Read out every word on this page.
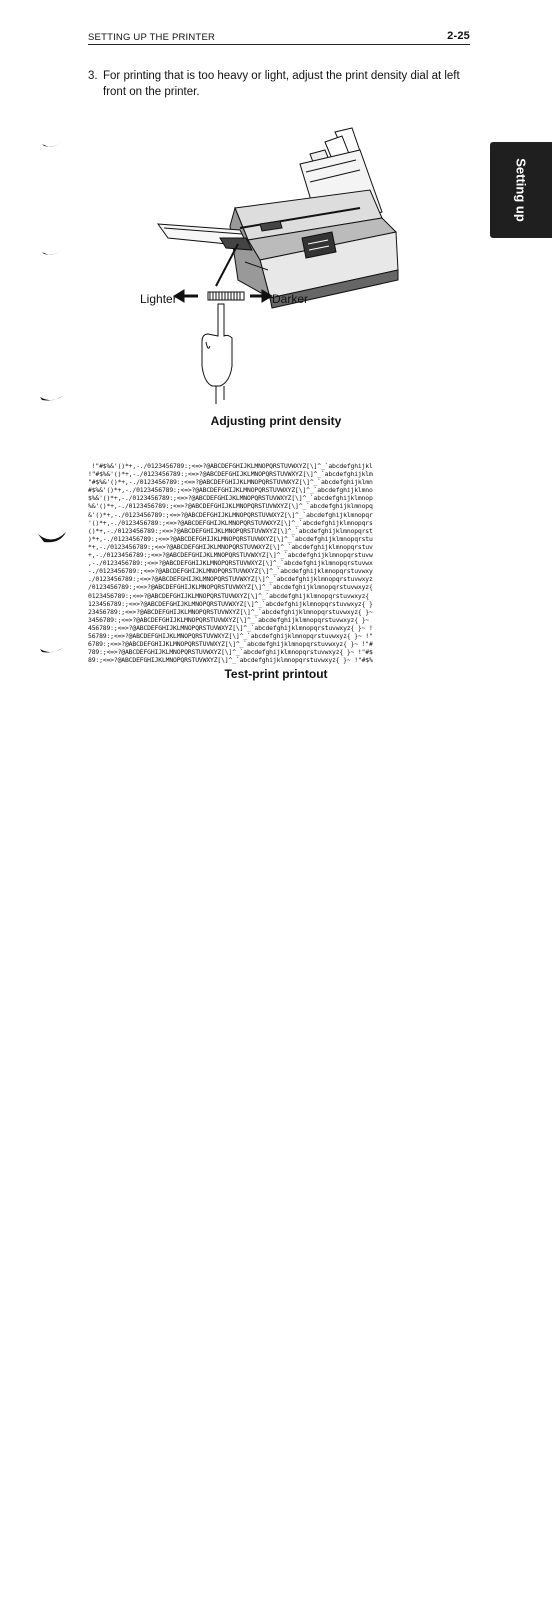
SETTING UP THE PRINTER	2-25
3. For printing that is too heavy or light, adjust the print density dial at left front on the printer.
Setting up
Lighter	Darker
Adjusting print density
!"#$%&'()*+,-./0123456789:;<=>?@ABCDEFGHIJKLMNOPQRSTUVWXYZ[\]^_`abcdefghijkl
!"#$%&'()*+,-./0123456789:;<=>?@ABCDEFGHIJKLMNOPQRSTUVWXYZ[\]^_`abcdefghijklm
"#$%&'()*+,-./0123456789:;<=>?@ABCDEFGHIJKLMNOPQRSTUVWXYZ[\]^_`abcdefghijklmn
#$%&'()*+,-./0123456789:;<=>?@ABCDEFGHIJKLMNOPQRSTUVWXYZ[\]^_`abcdefghijklmno
$%&'()*+,-./0123456789:;<=>?@ABCDEFGHIJKLMNOPQRSTUVWXYZ[\]^_`abcdefghijklmnop
%&'()*+,-./0123456789:;<=>?@ABCDEFGHIJKLMNOPQRSTUVWXYZ[\]^_`abcdefghijklmnopq
&'()*+,-./0123456789:;<=>?@ABCDEFGHIJKLMNOPQRSTUVWXYZ[\]^_`abcdefghijklmnopqr
'()*+,-./0123456789:;<=>?@ABCDEFGHIJKLMNOPQRSTUVWXYZ[\]^_`abcdefghijklmnopqrs
()*+,-./0123456789:;<=>?@ABCDEFGHIJKLMNOPQRSTUVWXYZ[\]^_`abcdefghijklmnopqrst
)*+,-./0123456789:;<=>?@ABCDEFGHIJKLMNOPQRSTUVWXYZ[\]^_`abcdefghijklmnopqrstu
*+,-./0123456789:;<=>?@ABCDEFGHIJKLMNOPQRSTUVWXYZ[\]^_`abcdefghijklmnopqrstuv
+,-./0123456789:;<=>?@ABCDEFGHIJKLMNOPQRSTUVWXYZ[\]^_`abcdefghijklmnopqrstuvw
,-./0123456789:;<=>?@ABCDEFGHIJKLMNOPQRSTUVWXYZ[\]^_`abcdefghijklmnopqrstuvwx
-./0123456789:;<=>?@ABCDEFGHIJKLMNOPQRSTUVWXYZ[\]^_`abcdefghijklmnopqrstuvwxy
./0123456789:;<=>?@ABCDEFGHIJKLMNOPQRSTUVWXYZ[\]^_`abcdefghijklmnopqrstuvwxyz
/0123456789:;<=>?@ABCDEFGHIJKLMNOPQRSTUVWXYZ[\]^_`abcdefghijklmnopqrstuvwxyz{
0123456789:;<=>?@ABCDEFGHIJKLMNOPQRSTUVWXYZ[\]^_`abcdefghijklmnopqrstuvwxyz{
123456789:;<=>?@ABCDEFGHIJKLMNOPQRSTUVWXYZ[\]^_`abcdefghijklmnopqrstuvwxyz{ }
23456789:;<=>?@ABCDEFGHIJKLMNOPQRSTUVWXYZ[\]^_`abcdefghijklmnopqrstuvwxyz{ }~
3456789:;<=>?@ABCDEFGHIJKLMNOPQRSTUVWXYZ[\]^_`abcdefghijklmnopqrstuvwxyz{ }~
456789:;<=>?@ABCDEFGHIJKLMNOPQRSTUVWXYZ[\]^_`abcdefghijklmnopqrstuvwxyz{ }~ !
56789:;<=>?@ABCDEFGHIJKLMNOPQRSTUVWXYZ[\]^_`abcdefghijklmnopqrstuvwxyz{ }~ !"
6789:;<=>?@ABCDEFGHIJKLMNOPQRSTUVWXYZ[\]^_`abcdefghijklmnopqrstuvwxyz{ }~ !"#
789:;<=>?@ABCDEFGHIJKLMNOPQRSTUVWXYZ[\]^_`abcdefghijklmnopqrstuvwxyz{ }~ !"#$
89:;<=>?@ABCDEFGHIJKLMNOPQRSTUVWXYZ[\]^_`abcdefghijklmnopqrstuvwxyz{ }~ !"#$%
Test-print printout
